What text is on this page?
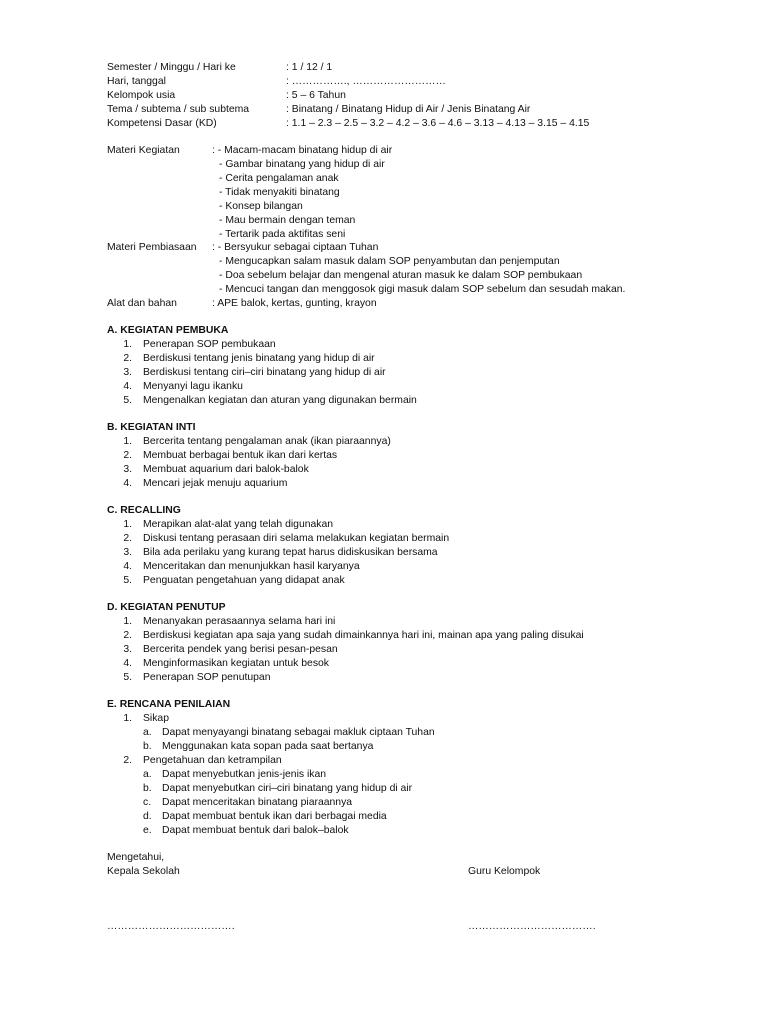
Semester / Minggu / Hari ke	: 1 / 12 / 1
Hari, tanggal	: ……………., ………………………
Kelompok usia	: 5 – 6 Tahun
Tema / subtema / sub subtema	: Binatang / Binatang Hidup di Air / Jenis Binatang Air
Kompetensi Dasar (KD)	: 1.1 – 2.3 – 2.5 – 3.2 – 4.2 – 3.6 – 4.6 – 3.13 – 4.13 – 3.15 – 4.15
Materi Kegiatan	: - Macam-macam binatang hidup di air
- Gambar binatang yang hidup di air
- Cerita pengalaman anak
- Tidak menyakiti binatang
- Konsep bilangan
- Mau bermain dengan teman
- Tertarik pada aktifitas seni
Materi Pembiasaan : - Bersyukur sebagai ciptaan Tuhan
- Mengucapkan salam masuk dalam SOP penyambutan dan penjemputan
- Doa sebelum belajar dan mengenal aturan masuk ke dalam SOP pembukaan
- Mencuci tangan dan menggosok gigi masuk dalam SOP sebelum dan sesudah makan.
Alat dan bahan	: APE balok, kertas, gunting, krayon
A. KEGIATAN PEMBUKA
1. Penerapan SOP pembukaan
2. Berdiskusi tentang jenis binatang yang hidup di air
3. Berdiskusi tentang ciri–ciri binatang yang hidup di air
4. Menyanyi lagu ikanku
5. Mengenalkan kegiatan dan aturan yang digunakan bermain
B. KEGIATAN INTI
1. Bercerita tentang pengalaman anak (ikan piaraannya)
2. Membuat berbagai bentuk ikan dari kertas
3. Membuat aquarium dari balok-balok
4. Mencari jejak menuju aquarium
C. RECALLING
1. Merapikan alat-alat yang telah digunakan
2. Diskusi tentang perasaan diri selama melakukan kegiatan bermain
3. Bila ada perilaku yang kurang tepat harus didiskusikan bersama
4. Menceritakan dan menunjukkan hasil karyanya
5. Penguatan pengetahuan yang didapat anak
D. KEGIATAN PENUTUP
1. Menanyakan perasaannya selama hari ini
2. Berdiskusi kegiatan apa saja yang sudah dimainkannya hari ini, mainan apa yang paling disukai
3. Bercerita pendek yang berisi pesan-pesan
4. Menginformasikan kegiatan untuk besok
5. Penerapan SOP penutupan
E. RENCANA PENILAIAN
1. Sikap
a. Dapat menyayangi binatang sebagai makluk ciptaan Tuhan
b. Menggunakan kata sopan pada saat bertanya
2. Pengetahuan dan ketrampilan
a. Dapat menyebutkan jenis-jenis ikan
b. Dapat menyebutkan ciri–ciri binatang yang hidup di air
c. Dapat menceritakan binatang piaraannya
d. Dapat membuat bentuk ikan dari berbagai media
e. Dapat membuat bentuk dari balok–balok
Mengetahui,
Kepala Sekolah	Guru Kelompok
……………………………….	……………………………….
